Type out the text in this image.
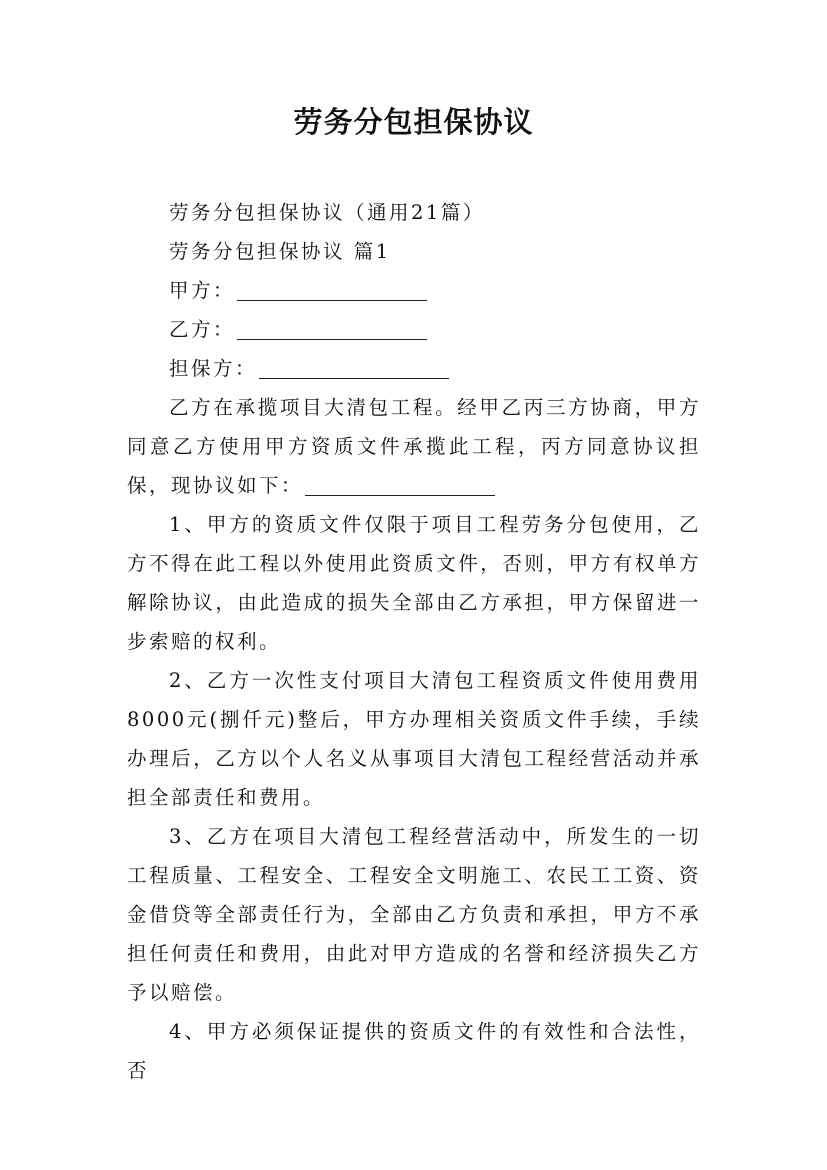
劳务分包担保协议

劳务分包担保协议（通用21篇）

劳务分包担保协议 篇1

甲方：

乙方：

担保方：

乙方在承揽项目大清包工程。经甲乙丙三方协商，甲方同意乙方使用甲方资质文件承揽此工程，丙方同意协议担保，现协议如下：

1、甲方的资质文件仅限于项目工程劳务分包使用，乙方不得在此工程以外使用此资质文件，否则，甲方有权单方解除协议，由此造成的损失全部由乙方承担，甲方保留进一步索赔的权利。

2、乙方一次性支付项目大清包工程资质文件使用费用8000元(捌仟元)整后，甲方办理相关资质文件手续，手续办理后，乙方以个人名义从事项目大清包工程经营活动并承担全部责任和费用。

3、乙方在项目大清包工程经营活动中，所发生的一切工程质量、工程安全、工程安全文明施工、农民工工资、资金借贷等全部责任行为，全部由乙方负责和承担，甲方不承担任何责任和费用，由此对甲方造成的名誉和经济损失乙方予以赔偿。

4、甲方必须保证提供的资质文件的有效性和合法性，否
